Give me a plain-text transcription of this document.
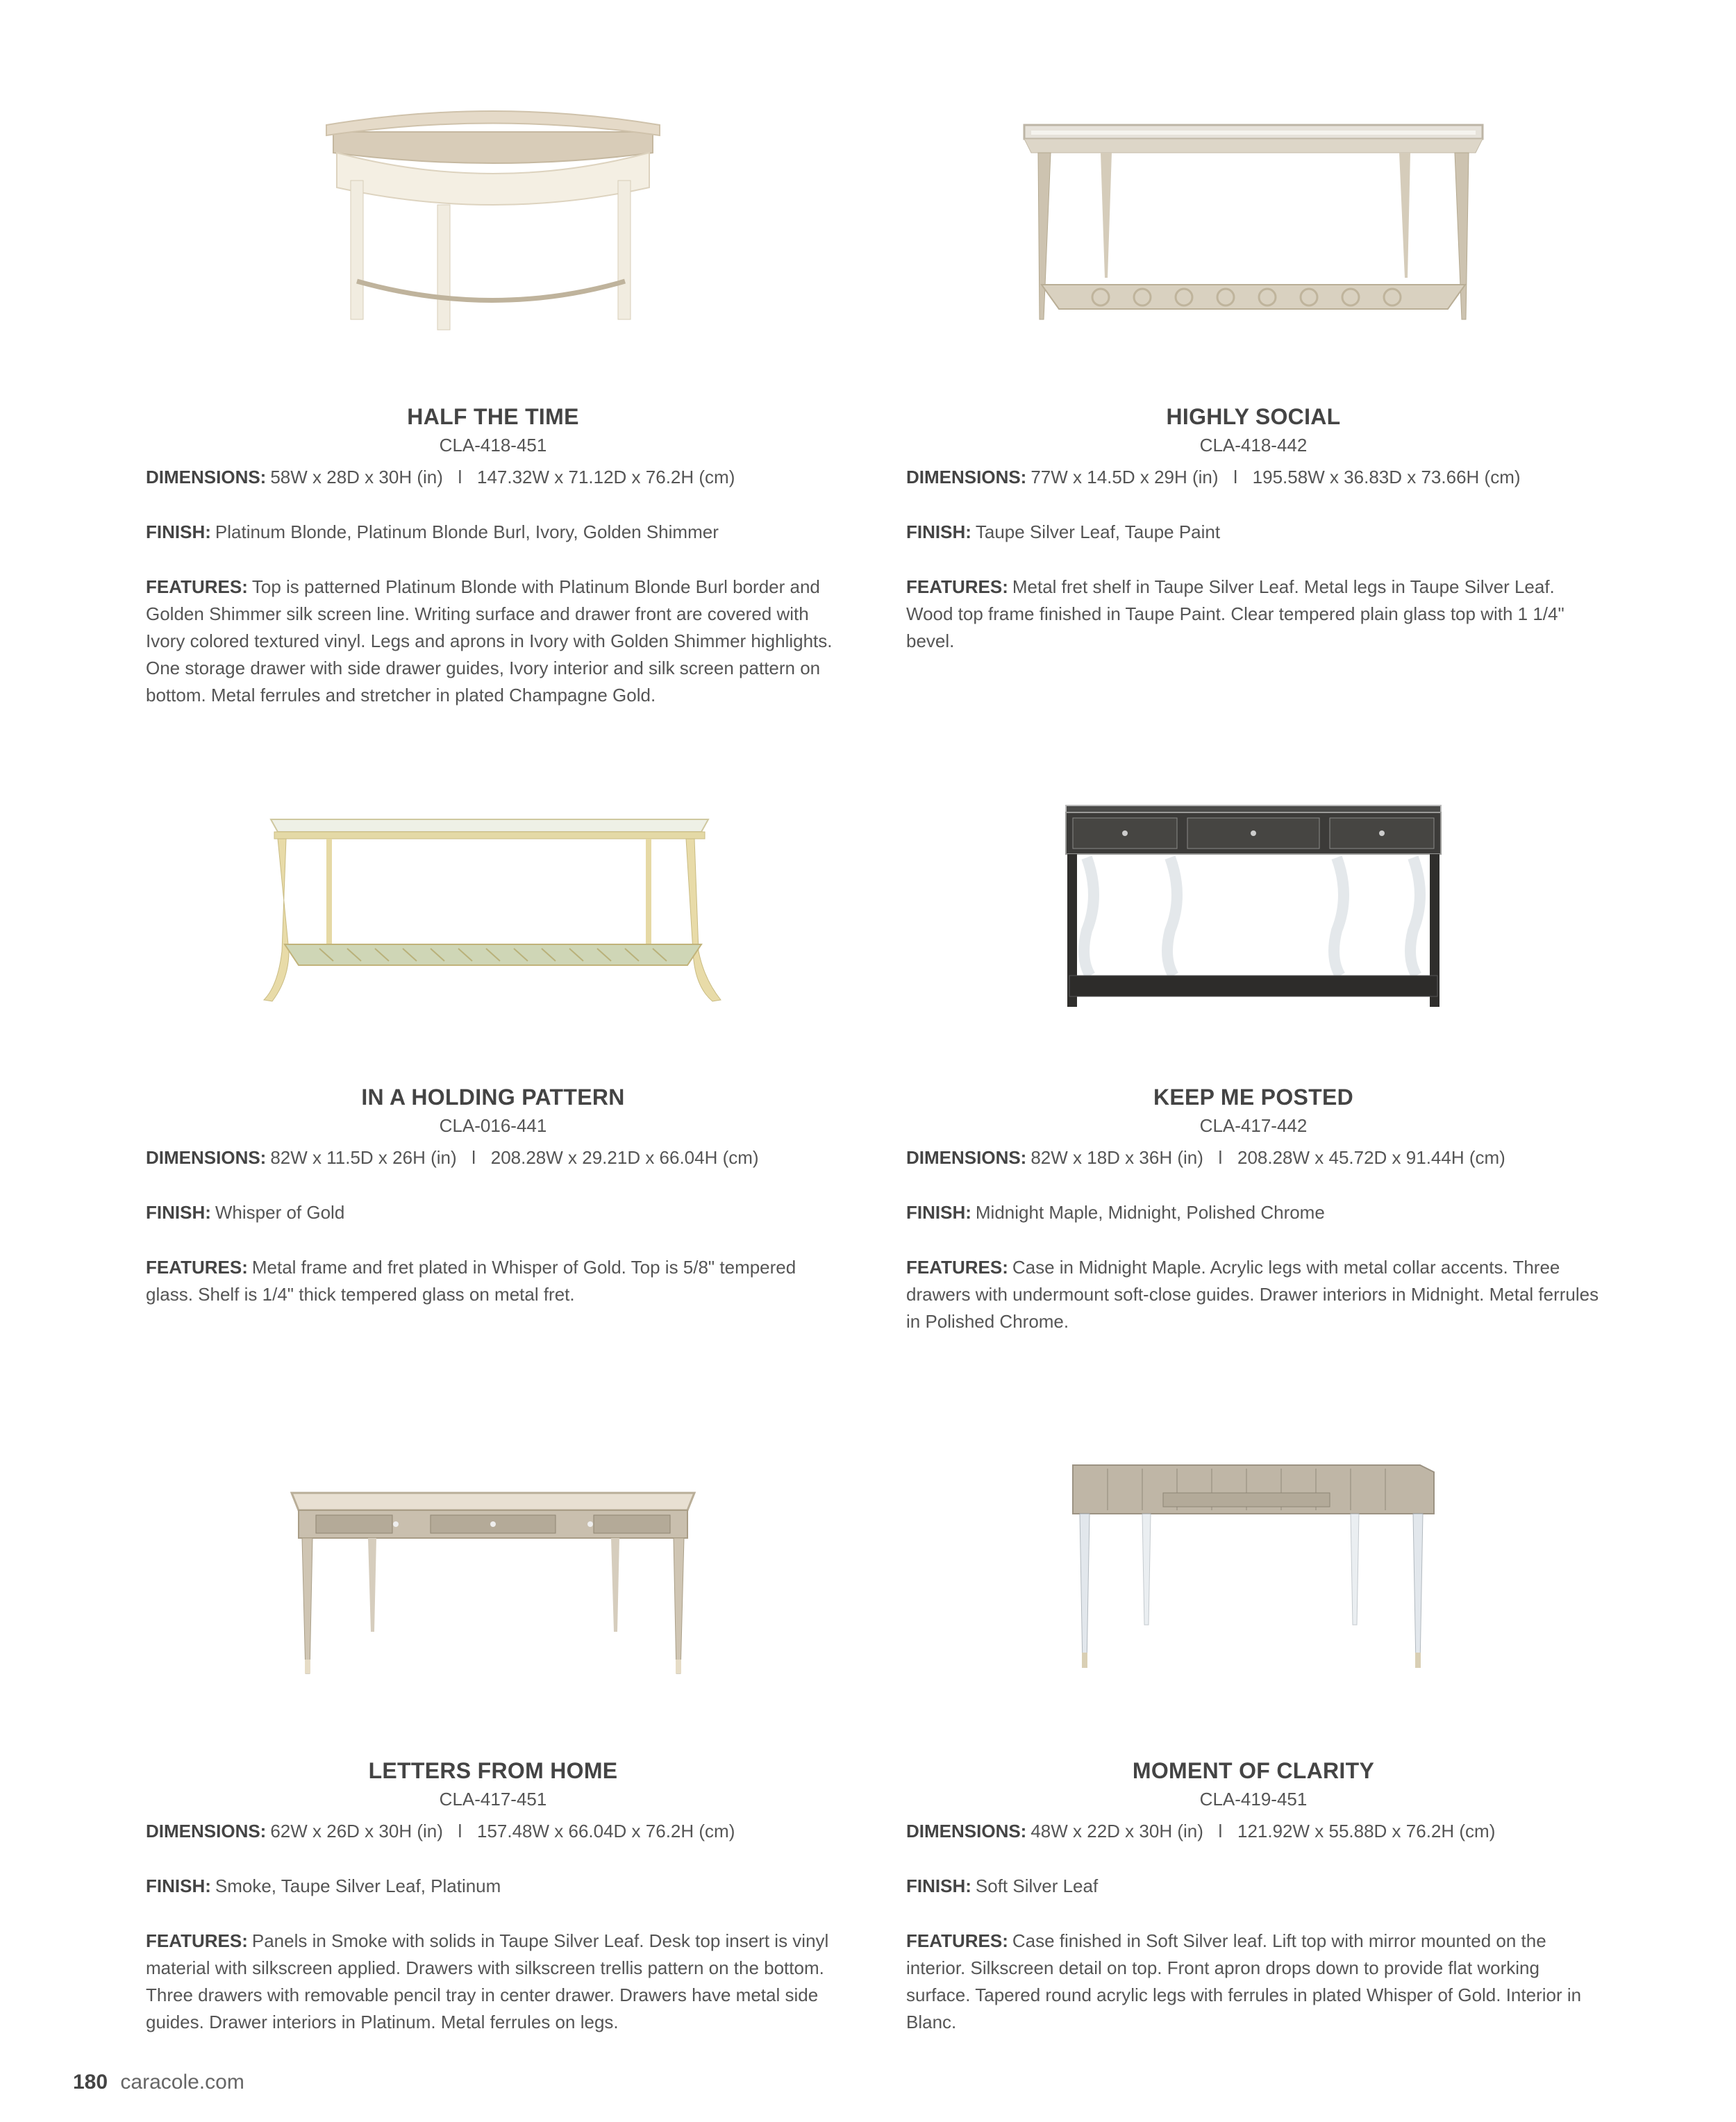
HALF THE TIME
CLA-418-451
DIMENSIONS: 58W x 28D x 30H (in)   l   147.32W x 71.12D x 76.2H (cm)
FINISH: Platinum Blonde, Platinum Blonde Burl, Ivory, Golden Shimmer
FEATURES: Top is patterned Platinum Blonde with Platinum Blonde Burl border and Golden Shimmer silk screen line. Writing surface and drawer front are covered with Ivory colored textured vinyl. Legs and aprons in Ivory with Golden Shimmer highlights. One storage drawer with side drawer guides, Ivory interior and silk screen pattern on bottom. Metal ferrules and stretcher in plated Champagne Gold.
HIGHLY SOCIAL
CLA-418-442
DIMENSIONS: 77W x 14.5D x 29H (in)   l   195.58W x 36.83D x 73.66H (cm)
FINISH: Taupe Silver Leaf, Taupe Paint
FEATURES: Metal fret shelf in Taupe Silver Leaf. Metal legs in Taupe Silver Leaf. Wood top frame finished in Taupe Paint. Clear tempered plain glass top with 1 1/4" bevel.
IN A HOLDING PATTERN
CLA-016-441
DIMENSIONS: 82W x 11.5D x 26H (in)   l   208.28W x 29.21D x 66.04H (cm)
FINISH: Whisper of Gold
FEATURES: Metal frame and fret plated in Whisper of Gold. Top is 5/8" tempered glass. Shelf is 1/4" thick tempered glass on metal fret.
KEEP ME POSTED
CLA-417-442
DIMENSIONS: 82W x 18D x 36H (in)   l   208.28W x 45.72D x 91.44H (cm)
FINISH: Midnight Maple, Midnight, Polished Chrome
FEATURES: Case in Midnight Maple. Acrylic legs with metal collar accents. Three drawers with undermount soft-close guides. Drawer interiors in Midnight. Metal ferrules in Polished Chrome.
LETTERS FROM HOME
CLA-417-451
DIMENSIONS: 62W x 26D x 30H (in)   l   157.48W x 66.04D x 76.2H (cm)
FINISH: Smoke, Taupe Silver Leaf, Platinum
FEATURES: Panels in Smoke with solids in Taupe Silver Leaf. Desk top insert is vinyl material with silkscreen applied. Drawers with silkscreen trellis pattern on the bottom. Three drawers with removable pencil tray in center drawer. Drawers have metal side guides. Drawer interiors in Platinum. Metal ferrules on legs.
MOMENT OF CLARITY
CLA-419-451
DIMENSIONS: 48W x 22D x 30H (in)   l   121.92W x 55.88D x 76.2H (cm)
FINISH: Soft Silver Leaf
FEATURES: Case finished in Soft Silver leaf. Lift top with mirror mounted on the interior. Silkscreen detail on top. Front apron drops down to provide flat working surface. Tapered round acrylic legs with ferrules in plated Whisper of Gold. Interior in Blanc.
180 caracole.com
